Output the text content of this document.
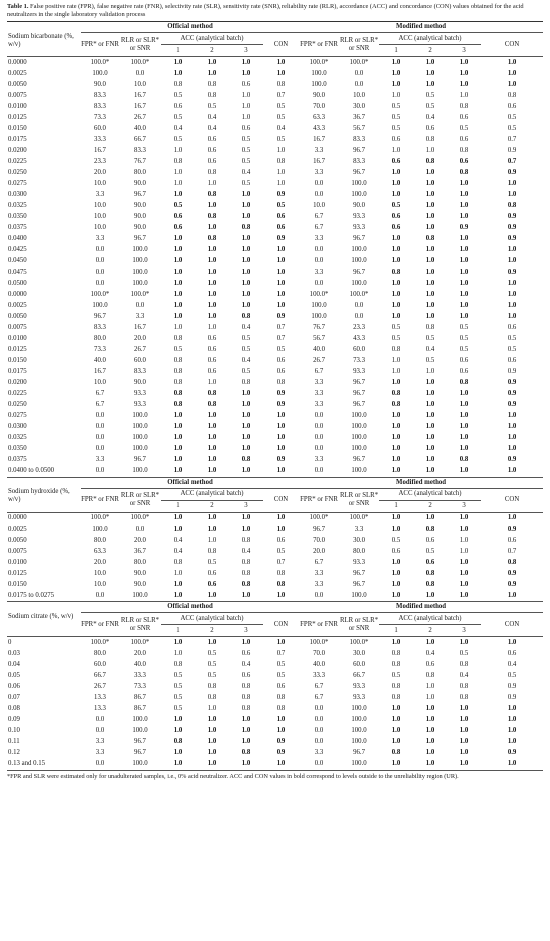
Table 1. False positive rate (FPR), false negative rate (FNR), selectivity rate (SLR), sensitivity rate (SNR), reliability rate (RLR), accordance (ACC) and concordance (CON) values obtained for the acid neutralizers in the single laboratory validation process
	Official method						Modified method					
Sodium bicarbonate (%, w/v)	FPR* or FNR	RLR or SLR* or SNR	ACC (analytical batch)			CON	FPR* or FNR	RLR or SLR* or SNR	ACC (analytical batch)			CON
			1	2	3				1	2	3	
0.0000	100.0*	100.0*	1.0	1.0	1.0	1.0	100.0*	100.0*	1.0	1.0	1.0	1.0
0.0025	100.0	0.0	1.0	1.0	1.0	1.0	100.0	0.0	1.0	1.0	1.0	1.0
0.0050	90.0	10.0	0.8	0.8	0.6	0.8	100.0	0.0	1.0	1.0	1.0	1.0
0.0075	83.3	16.7	0.5	0.8	1.0	0.7	90.0	10.0	1.0	0.5	1.0	0.8
0.0100	83.3	16.7	0.6	0.5	1.0	0.5	70.0	30.0	0.5	0.5	0.8	0.6
0.0125	73.3	26.7	0.5	0.4	1.0	0.5	63.3	36.7	0.5	0.4	0.6	0.5
0.0150	60.0	40.0	0.4	0.4	0.6	0.4	43.3	56.7	0.5	0.6	0.5	0.5
0.0175	33.3	66.7	0.5	0.6	0.5	0.5	16.7	83.3	0.6	0.8	0.6	0.7
0.0200	16.7	83.3	1.0	0.6	0.5	1.0	3.3	96.7	1.0	1.0	0.8	0.9
0.0225	23.3	76.7	0.8	0.6	0.5	0.8	16.7	83.3	0.6	0.8	0.6	0.7
0.0250	20.0	80.0	1.0	0.8	0.4	1.0	3.3	96.7	1.0	1.0	0.8	0.9
0.0275	10.0	90.0	1.0	1.0	0.5	1.0	0.0	100.0	1.0	1.0	1.0	1.0
0.0300	3.3	96.7	1.0	0.8	1.0	0.9	0.0	100.0	1.0	1.0	1.0	1.0
0.0325	10.0	90.0	0.5	1.0	1.0	0.5	10.0	90.0	0.5	1.0	1.0	0.8
0.0350	10.0	90.0	0.6	0.8	1.0	0.6	6.7	93.3	0.6	1.0	1.0	0.9
0.0375	10.0	90.0	0.6	1.0	0.8	0.6	6.7	93.3	0.6	1.0	0.9	0.9
0.0400	3.3	96.7	1.0	0.8	1.0	0.9	3.3	96.7	1.0	0.8	1.0	0.9
0.0425	0.0	100.0	1.0	1.0	1.0	1.0	0.0	100.0	1.0	1.0	1.0	1.0
0.0450	0.0	100.0	1.0	1.0	1.0	1.0	0.0	100.0	1.0	1.0	1.0	1.0
0.0475	0.0	100.0	1.0	1.0	1.0	1.0	3.3	96.7	0.8	1.0	1.0	0.9
0.0500	0.0	100.0	1.0	1.0	1.0	1.0	0.0	100.0	1.0	1.0	1.0	1.0
0.0000	100.0*	100.0*	1.0	1.0	1.0	1.0	100.0*	100.0*	1.0	1.0	1.0	1.0
0.0025	100.0	0.0	1.0	1.0	1.0	1.0	100.0	0.0	1.0	1.0	1.0	1.0
0.0050	96.7	3.3	1.0	1.0	0.8	0.9	100.0	0.0	1.0	1.0	1.0	1.0
0.0075	83.3	16.7	1.0	1.0	0.4	0.7	76.7	23.3	0.5	0.8	0.5	0.6
0.0100	80.0	20.0	0.8	0.6	0.5	0.7	56.7	43.3	0.5	0.5	0.5	0.5
0.0125	73.3	26.7	0.5	0.6	0.5	0.5	40.0	60.0	0.8	0.4	0.5	0.5
0.0150	40.0	60.0	0.8	0.6	0.4	0.6	26.7	73.3	1.0	0.5	0.6	0.6
0.0175	16.7	83.3	0.8	0.6	0.5	0.6	6.7	93.3	1.0	1.0	0.6	0.9
0.0200	10.0	90.0	0.8	1.0	0.8	0.8	3.3	96.7	1.0	1.0	0.8	0.9
0.0225	6.7	93.3	0.8	0.8	1.0	0.9	3.3	96.7	0.8	1.0	1.0	0.9
0.0250	6.7	93.3	0.8	0.8	1.0	0.9	3.3	96.7	0.8	1.0	1.0	0.9
0.0275	0.0	100.0	1.0	1.0	1.0	1.0	0.0	100.0	1.0	1.0	1.0	1.0
0.0300	0.0	100.0	1.0	1.0	1.0	1.0	0.0	100.0	1.0	1.0	1.0	1.0
0.0325	0.0	100.0	1.0	1.0	1.0	1.0	0.0	100.0	1.0	1.0	1.0	1.0
0.0350	0.0	100.0	1.0	1.0	1.0	1.0	0.0	100.0	1.0	1.0	1.0	1.0
0.0375	3.3	96.7	1.0	1.0	0.8	0.9	3.3	96.7	1.0	1.0	0.8	0.9
0.0400 to 0.0500	0.0	100.0	1.0	1.0	1.0	1.0	0.0	100.0	1.0	1.0	1.0	1.0
	Official method						Modified method					
Sodium hydroxide (%, w/v)	FPR* or FNR	RLR or SLR* or SNR	ACC (analytical batch)			CON	FPR* or FNR	RLR or SLR* or SNR	ACC (analytical batch)			CON
			1	2	3				1	2	3	
0.0000	100.0*	100.0*	1.0	1.0	1.0	1.0	100.0*	100.0*	1.0	1.0	1.0	1.0
0.0025	100.0	0.0	1.0	1.0	1.0	1.0	96.7	3.3	1.0	0.8	1.0	0.9
0.0050	80.0	20.0	0.4	1.0	0.8	0.6	70.0	30.0	0.5	0.6	1.0	0.6
0.0075	63.3	36.7	0.4	0.8	0.4	0.5	20.0	80.0	0.6	0.5	1.0	0.7
0.0100	20.0	80.0	0.8	0.5	0.8	0.7	6.7	93.3	1.0	0.6	1.0	0.8
0.0125	10.0	90.0	1.0	0.6	0.8	0.8	3.3	96.7	1.0	0.8	1.0	0.9
0.0150	10.0	90.0	1.0	0.6	0.8	0.8	3.3	96.7	1.0	0.8	1.0	0.9
0.0175 to 0.0275	0.0	100.0	1.0	1.0	1.0	1.0	0.0	100.0	1.0	1.0	1.0	1.0
	Official method						Modified method					
Sodium citrate (%, w/v)	FPR* or FNR	RLR or SLR* or SNR	ACC (analytical batch)			CON	FPR* or FNR	RLR or SLR* or SNR	ACC (analytical batch)			CON
			1	2	3				1	2	3	
0	100.0*	100.0*	1.0	1.0	1.0	1.0	100.0*	100.0*	1.0	1.0	1.0	1.0
0.03	80.0	20.0	1.0	0.5	0.6	0.7	70.0	30.0	0.8	0.4	0.5	0.6
0.04	60.0	40.0	0.8	0.5	0.4	0.5	40.0	60.0	0.8	0.6	0.8	0.4
0.05	66.7	33.3	0.5	0.5	0.6	0.5	33.3	66.7	0.5	0.8	0.4	0.5
0.06	26.7	73.3	0.5	0.8	0.8	0.6	6.7	93.3	0.8	1.0	0.8	0.9
0.07	13.3	86.7	0.5	0.8	0.8	0.8	6.7	93.3	0.8	1.0	0.8	0.9
0.08	13.3	86.7	0.5	1.0	0.8	0.8	0.0	100.0	1.0	1.0	1.0	1.0
0.09	0.0	100.0	1.0	1.0	1.0	1.0	0.0	100.0	1.0	1.0	1.0	1.0
0.10	0.0	100.0	1.0	1.0	1.0	1.0	0.0	100.0	1.0	1.0	1.0	1.0
0.11	3.3	96.7	0.8	1.0	1.0	0.9	0.0	100.0	1.0	1.0	1.0	1.0
0.12	3.3	96.7	1.0	1.0	0.8	0.9	3.3	96.7	0.8	1.0	1.0	0.9
0.13 and 0.15	0.0	100.0	1.0	1.0	1.0	1.0	0.0	100.0	1.0	1.0	1.0	1.0
*FPR and SLR were estimated only for unadulterated samples, i.e., 0% acid neutralizer. ACC and CON values in bold correspond to levels outside to the unreliability region (UR).
